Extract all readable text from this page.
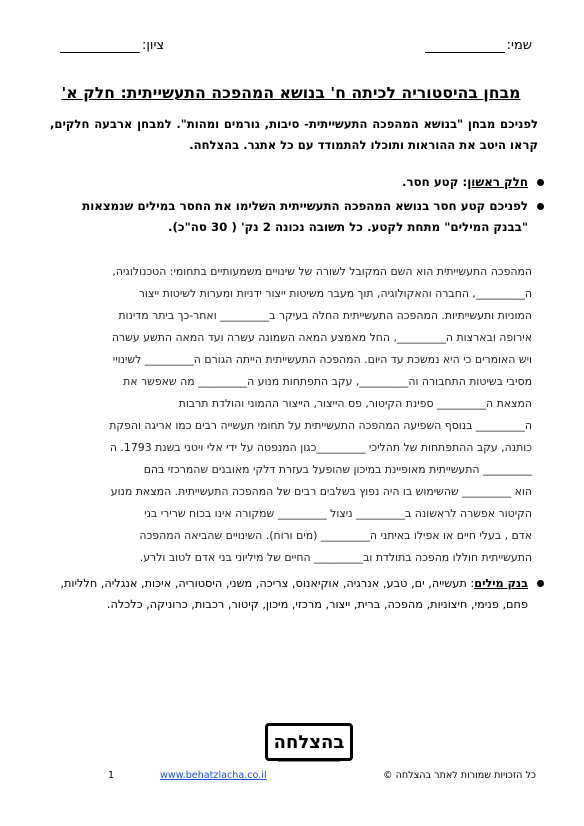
שמי:
ציון:
מבחן בהיסטוריה לכיתה ח' בנושא המהפכה התעשייתית: חלק א'
לפניכם מבחן "בנושא המהפכה התעשייתית- סיבות, גורמים ומהות". למבחן ארבעה חלקים, קראו היטב את ההוראות ותוכלו להתמודד עם כל אתגר. בהצלחה.
חלק ראשון: קטע חסר.
לפניכם קטע חסר בנושא המהפכה התעשייתית השלימו את החסר במילים שנמצאות "בבנק המילים" מתחת לקטע. כל תשובה נכונה 2 נק' ( 30 סה"כ).
המהפכה התעשייתית הוא השם המקובל לשורה של שינויים משמעותיים בתחומי: הטכנולוגיה,
ה_________, החברה והאקולוגיה, תוך מעבר משיטות ייצור ידניות ומערות לשיטות ייצור
המוניות ותעשייתיות. המהפכה התעשייתית החלה בעיקר ב_________ ואחר-כך ביתר מדינות
אירופה ובארצות ה_________, החל מאמצע המאה השמונה עשרה ועד המאה התשע עשרה
ויש האומרים כי היא נמשכת עד היום. המהפכה התעשייתית הייתה הגורם ה_________ לשינויי
מסיבי בשיטות התחבורה וה_________, עקב התפתחות מנוע ה_________ מה שאפשר את
המצאת ה_________ ספינת הקיטור, פס הייצור, הייצור ההמוני והולדת תרבות
ה_________ בנוסף השפיעה המהפכה התעשייתית על תחומי תעשייה רבים כמו אריגה והפקת
כותנה, עקב ההתפתחות של תהליכי _________כגון המנפטה על ידי אלי ויטני בשנת 1793. ה
_________ התעשייתית מאופיינת במיכון שהופעל בעזרת דלקי מאובנים שהמרכזי בהם
הוא _________ שהשימוש בו היה נפוץ בשלבים רבים של המהפכה התעשייתית. המצאת מנוע
הקיטור אפשרה לראשונה ב_________ ניצול _________ שמקורה אינו בכוח שרירי בני
אדם , בעלי חיים או אפילו באיתני ה_________ (מים ורוח). השינויים שהביאה המהפכה
התעשייתית חוללו מהפכה בתולדת וב_________ החיים של מיליוני בני אדם לטוב ולרע.
בנק מילים: תעשייה, ים, טבע, אנרגיה, אוקיאנוס, צריכה, משני, היסטוריה, איכות, אנגליה, חלליות, פחם, פנימי, חיצוניות, מהפכה, ברית, ייצור, מרכזי, מיכון, קיטור, רכבות, כרוניקה, כלכלה.
בהצלחה
כל הזכויות שמורות לאתר בהצלחה ©
www.behatzlacha.co.il
1
